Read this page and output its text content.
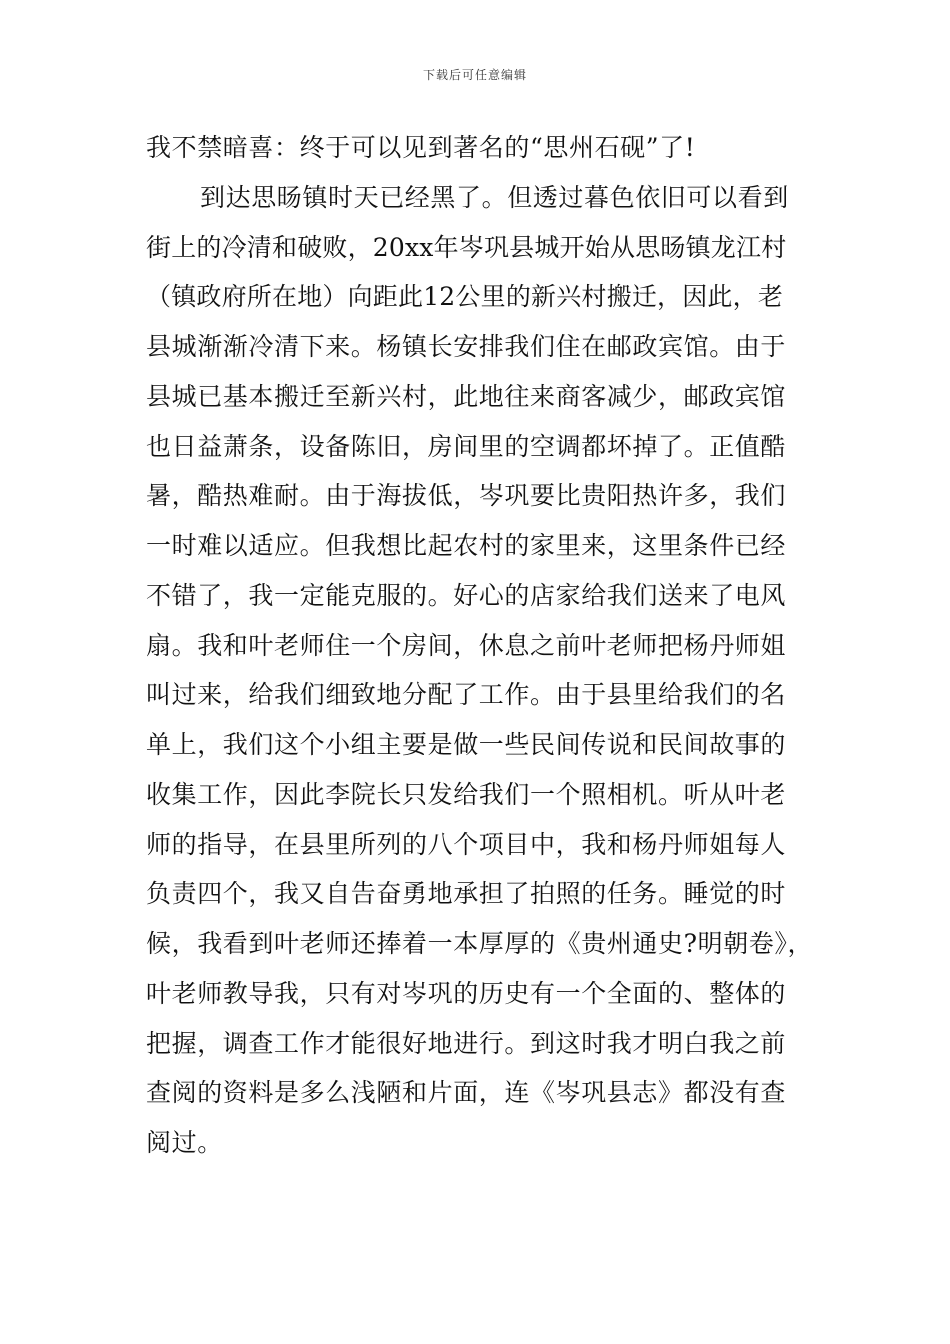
下载后可任意编辑
我不禁暗喜：终于可以见到著名的“思州石砚”了!
到达思旸镇时天已经黑了。但透过暮色依旧可以看到
街上的冷清和破败，20xx年岑巩县城开始从思旸镇龙江村
（镇政府所在地）向距此12公里的新兴村搬迁，因此，老
县城渐渐冷清下来。杨镇长安排我们住在邮政宾馆。由于
县城已基本搬迁至新兴村，此地往来商客减少，邮政宾馆
也日益萧条，设备陈旧，房间里的空调都坏掉了。正值酷
暑，酷热难耐。由于海拔低，岑巩要比贵阳热许多，我们
一时难以适应。但我想比起农村的家里来，这里条件已经
不错了，我一定能克服的。好心的店家给我们送来了电风
扇。我和叶老师住一个房间，休息之前叶老师把杨丹师姐
叫过来，给我们细致地分配了工作。由于县里给我们的名
单上，我们这个小组主要是做一些民间传说和民间故事的
收集工作，因此李院长只发给我们一个照相机。听从叶老
师的指导，在县里所列的八个项目中，我和杨丹师姐每人
负责四个，我又自告奋勇地承担了拍照的任务。睡觉的时
候，我看到叶老师还捧着一本厚厚的《贵州通史?明朝卷》，
叶老师教导我，只有对岑巩的历史有一个全面的、整体的
把握，调查工作才能很好地进行。到这时我才明白我之前
查阅的资料是多么浅陋和片面，连《岑巩县志》都没有查
阅过。
